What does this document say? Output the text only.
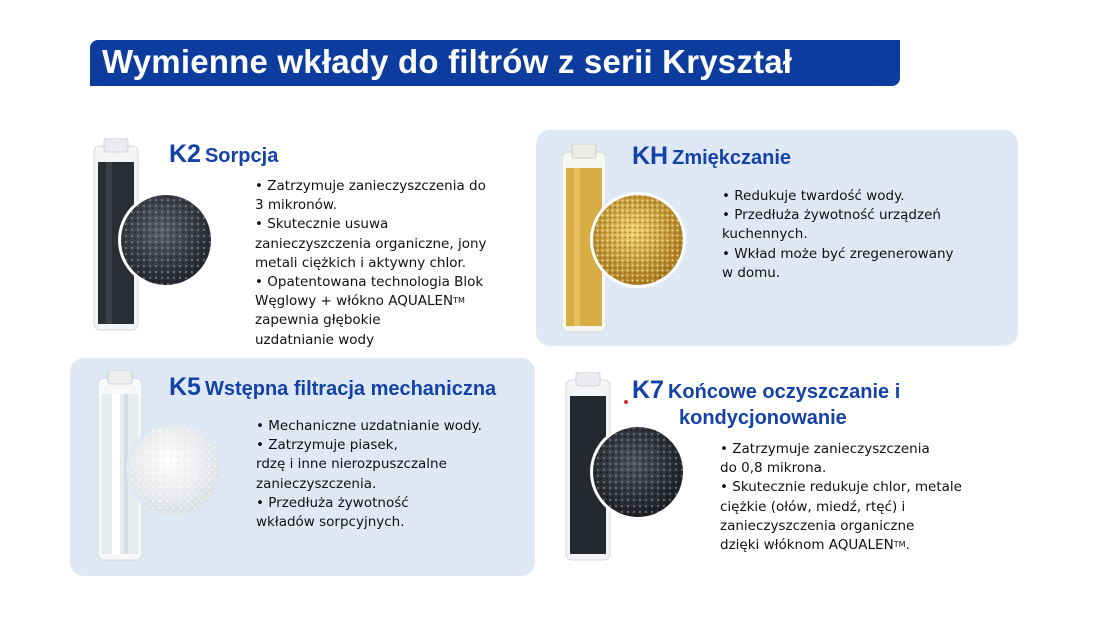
Wymienne wkłady do filtrów z serii Kryształ
K2 Sorpcja
• Zatrzymuje zanieczyszczenia do
3 mikronów.
• Skutecznie usuwa
zanieczyszczenia organiczne, jony
metali ciężkich i aktywny chlor.
• Opatentowana technologia Blok
Węglowy + włókno AQUALEN™
zapewnia głębokie
uzdatnianie wody
KH Zmiękczanie
• Redukuje twardość wody.
• Przedłuża żywotność urządzeń
kuchennych.
• Wkład może być zregenerowany
w domu.
K5 Wstępna filtracja mechaniczna
• Mechaniczne uzdatnianie wody.
• Zatrzymuje piasek,
rdzę i inne nierozpuszczalne
zanieczyszczenia.
• Przedłuża żywotność
wkładów sorpcyjnych.
K7 Końcowe oczyszczanie i
kondycjonowanie
• Zatrzymuje zanieczyszczenia
do 0,8 mikrona.
• Skutecznie redukuje chlor, metale
ciężkie (ołów, miedź, rtęć) i
zanieczyszczenia organiczne
dzięki włóknom AQUALEN™.
